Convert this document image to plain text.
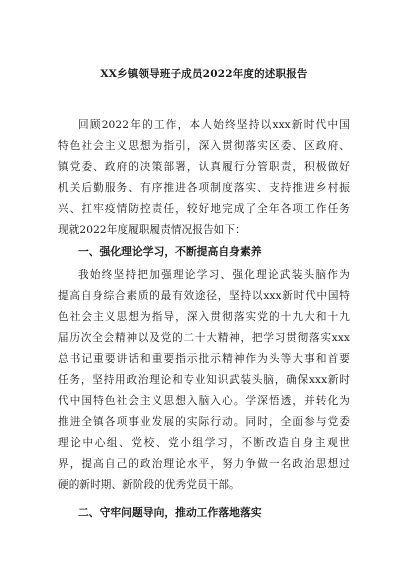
XX乡镇领导班子成员2022年度的述职报告
回顾2022年的工作，本人始终坚持以xxx新时代中国
特色社会主义思想为指引，深入贯彻落实区委、区政府、
镇党委、政府的决策部署，认真履行分管职责，积极做好
机关后勤服务、有序推进各项制度落实、支持推进乡村振
兴、扛牢疫情防控责任，较好地完成了全年各项工作任务
现就2022年度履职履责情况报告如下：
一、强化理论学习，不断提高自身素养
我始终坚持把加强理论学习、强化理论武装头脑作为
提高自身综合素质的最有效途径，坚持以xxx新时代中国特
色社会主义思想为指导，深入贯彻落实党的十九大和十九
届历次全会精神以及党的二十大精神，把学习贯彻落实xxx
总书记重要讲话和重要指示批示精神作为头等大事和首要
任务，坚持用政治理论和专业知识武装头脑，确保xxx新时
代中国特色社会主义思想入脑入心。学深悟透，并转化为
推进全镇各项事业发展的实际行动。同时，全面参与党委
理论中心组、党校、党小组学习，不断改造自身主观世
界，提高自己的政治理论水平，努力争做一名政治思想过
硬的新时期、新阶段的优秀党员干部。
二、守牢问题导向，推动工作落地落实
